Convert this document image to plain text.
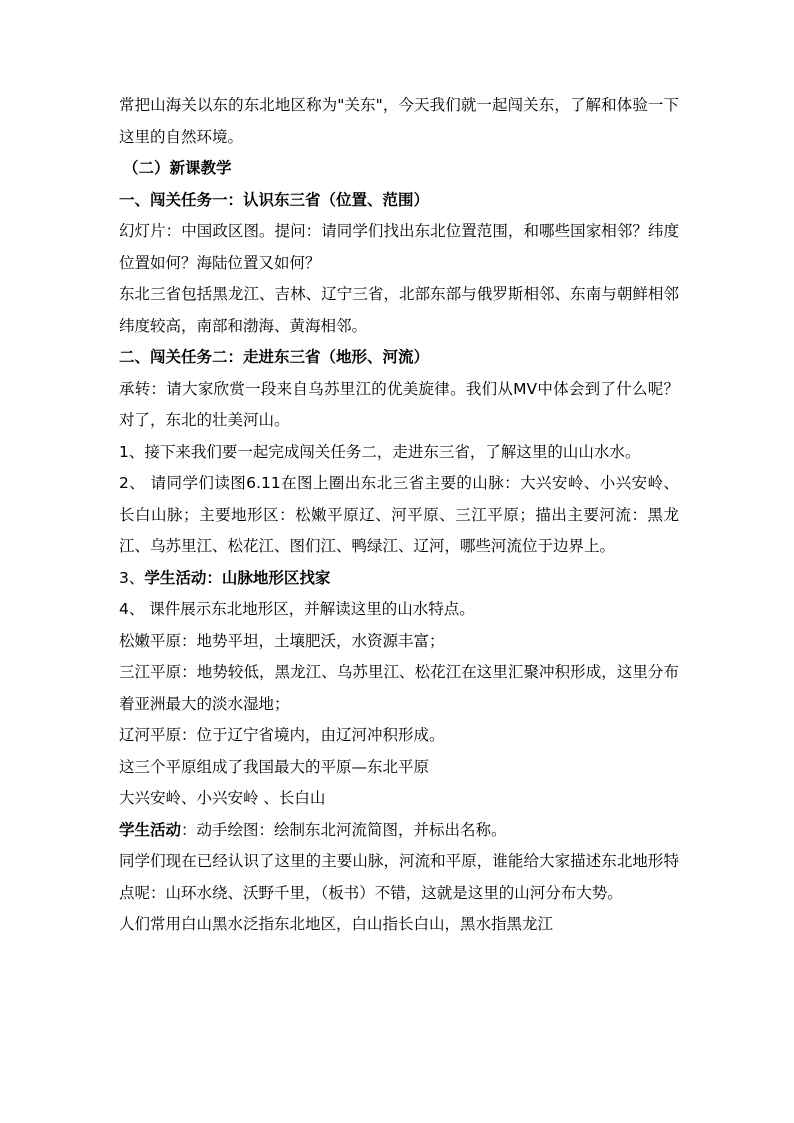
常把山海关以东的东北地区称为"关东"，今天我们就一起闯关东，了解和体验一下这里的自然环境。

（二）新课教学

一、闯关任务一：认识东三省（位置、范围）

幻灯片：中国政区图。提问：请同学们找出东北位置范围，和哪些国家相邻？纬度位置如何？海陆位置又如何？

东北三省包括黑龙江、吉林、辽宁三省，北部东部与俄罗斯相邻、东南与朝鲜相邻 纬度较高，南部和渤海、黄海相邻。

二、闯关任务二：走进东三省（地形、河流）

承转：请大家欣赏一段来自乌苏里江的优美旋律。我们从MV中体会到了什么呢？对了，东北的壮美河山。

1、接下来我们要一起完成闯关任务二，走进东三省，了解这里的山山水水。

2、 请同学们读图6.11在图上圈出东北三省主要的山脉：大兴安岭、小兴安岭、长白山脉；主要地形区：松嫩平原辽、河平原、三江平原；描出主要河流：黑龙江、乌苏里江、松花江、图们江、鸭绿江、辽河，哪些河流位于边界上。

3、学生活动：山脉地形区找家

4、 课件展示东北地形区，并解读这里的山水特点。

松嫩平原：地势平坦，土壤肥沃，水资源丰富；

三江平原：地势较低，黑龙江、乌苏里江、松花江在这里汇聚冲积形成，这里分布着亚洲最大的淡水湿地；

辽河平原：位于辽宁省境内，由辽河冲积形成。

这三个平原组成了我国最大的平原—东北平原

大兴安岭、小兴安岭 、长白山

学生活动：动手绘图：绘制东北河流简图，并标出名称。

同学们现在已经认识了这里的主要山脉，河流和平原，谁能给大家描述东北地形特点呢：山环水绕、沃野千里，（板书）不错，这就是这里的山河分布大势。

人们常用白山黑水泛指东北地区，白山指长白山，黑水指黑龙江
